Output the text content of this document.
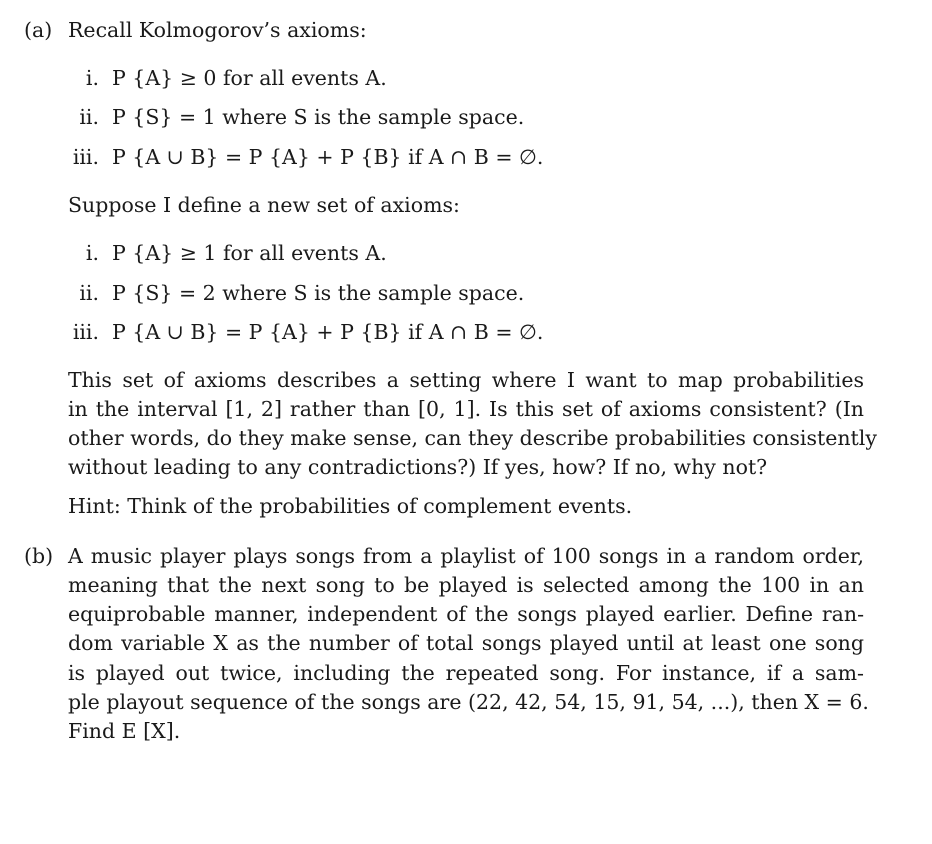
(a) Recall Kolmogorov’s axioms:
i. P {A} ≥ 0 for all events A.
ii. P {S} = 1 where S is the sample space.
iii. P {A ∪ B} = P {A} + P {B} if A ∩ B = ∅.
Suppose I define a new set of axioms:
i. P {A} ≥ 1 for all events A.
ii. P {S} = 2 where S is the sample space.
iii. P {A ∪ B} = P {A} + P {B} if A ∩ B = ∅.
This set of axioms describes a setting where I want to map probabilities
in the interval [1, 2] rather than [0, 1]. Is this set of axioms consistent? (In
other words, do they make sense, can they describe probabilities consistently
without leading to any contradictions?) If yes, how? If no, why not?
Hint: Think of the probabilities of complement events.
(b) A music player plays songs from a playlist of 100 songs in a random order,
meaning that the next song to be played is selected among the 100 in an
equiprobable manner, independent of the songs played earlier. Define ran-
dom variable X as the number of total songs played until at least one song
is played out twice, including the repeated song. For instance, if a sam-
ple playout sequence of the songs are (22, 42, 54, 15, 91, 54, ...), then X = 6.
Find E [X].
